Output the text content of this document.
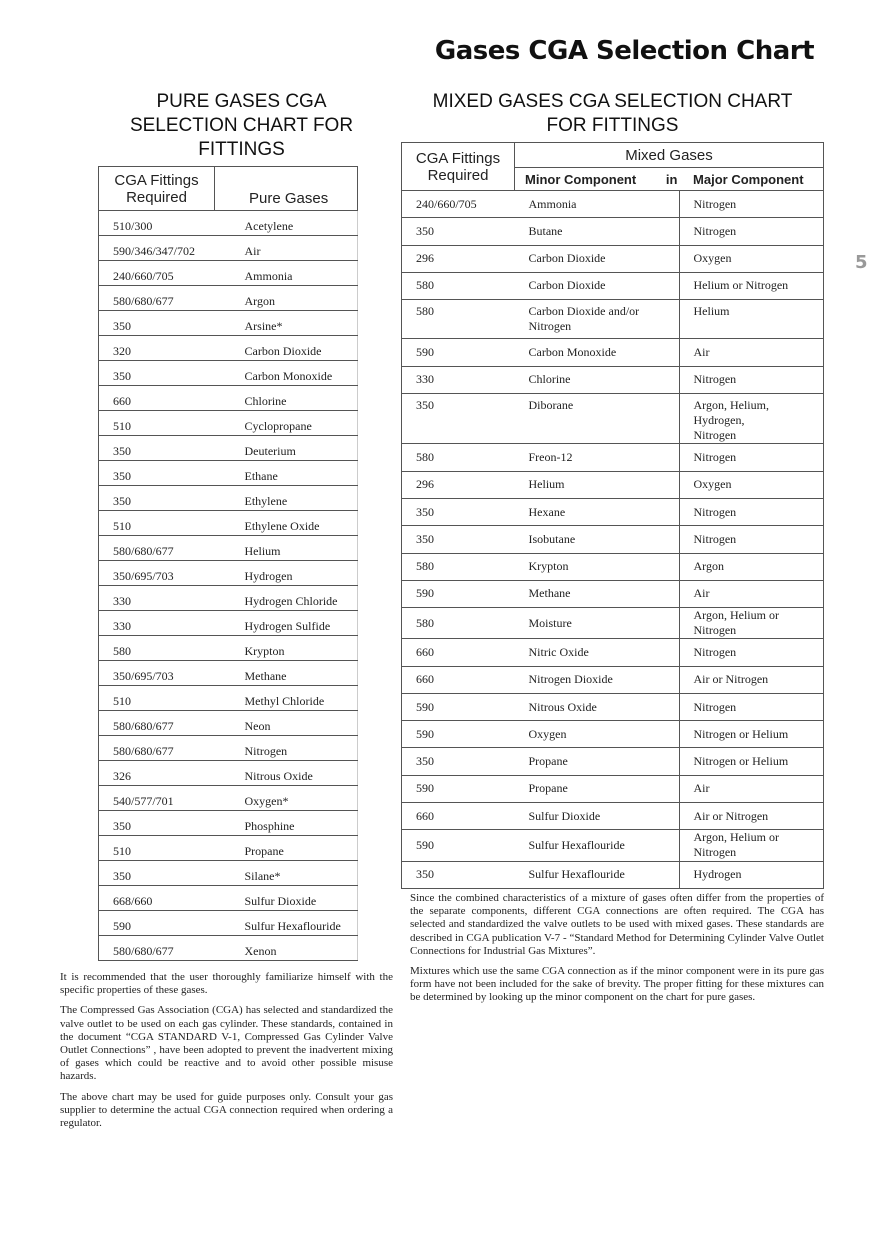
Gases CGA Selection Chart
5
PURE GASES CGA SELECTION CHART FOR FITTINGS
CGA Fittings Required	Pure Gases
510/300	Acetylene
590/346/347/702	Air
240/660/705	Ammonia
580/680/677	Argon
350	Arsine*
320	Carbon Dioxide
350	Carbon Monoxide
660	Chlorine
510	Cyclopropane
350	Deuterium
350	Ethane
350	Ethylene
510	Ethylene Oxide
580/680/677	Helium
350/695/703	Hydrogen
330	Hydrogen Chloride
330	Hydrogen Sulfide
580	Krypton
350/695/703	Methane
510	Methyl Chloride
580/680/677	Neon
580/680/677	Nitrogen
326	Nitrous Oxide
540/577/701	Oxygen*
350	Phosphine
510	Propane
350	Silane*
668/660	Sulfur Dioxide
590	Sulfur Hexaflouride
580/680/677	Xenon

It is recommended that the user thoroughly familiarize himself with the specific properties of these gases.

The Compressed Gas Association (CGA) has selected and standardized the valve outlet to be used on each gas cylinder. These standards, contained in the document “CGA STANDARD V-1, Compressed Gas Cylinder Valve Outlet Connections” , have been adopted to prevent the inadvertent mixing of gases which could be reactive and to avoid other possible misuse hazards.

The above chart may be used for guide purposes only. Consult your gas supplier to determine the actual CGA connection required when ordering a regulator.

MIXED GASES CGA SELECTION CHART FOR FITTINGS
CGA Fittings Required	Mixed Gases	
	Minor Component in Major Component	
240/660/705	Ammonia	Nitrogen
350	Butane	Nitrogen
296	Carbon Dioxide	Oxygen
580	Carbon Dioxide	Helium or Nitrogen
580	Carbon Dioxide and/or Nitrogen	Helium
590	Carbon Monoxide	Air
330	Chlorine	Nitrogen
350	Diborane	Argon, Helium, Hydrogen, Nitrogen
580	Freon-12	Nitrogen
296	Helium	Oxygen
350	Hexane	Nitrogen
350	Isobutane	Nitrogen
580	Krypton	Argon
590	Methane	Air
580	Moisture	Argon, Helium or Nitrogen
660	Nitric Oxide	Nitrogen
660	Nitrogen Dioxide	Air or Nitrogen
590	Nitrous Oxide	Nitrogen
590	Oxygen	Nitrogen or Helium
350	Propane	Nitrogen or Helium
590	Propane	Air
660	Sulfur Dioxide	Air or Nitrogen
590	Sulfur Hexaflouride	Argon, Helium or Nitrogen
350	Sulfur Hexaflouride	Hydrogen

Since the combined characteristics of a mixture of gases often differ from the properties of the separate components, different CGA connections are often required. The CGA has selected and standardized the valve outlets to be used with mixed gases. These standards are described in CGA publication V-7 - “Standard Method for Determining Cylinder Valve Outlet Connections for Industrial Gas Mixtures”.

Mixtures which use the same CGA connection as if the minor component were in its pure gas form have not been included for the sake of brevity. The proper fitting for these mixtures can be determined by looking up the minor component on the chart for pure gases.
